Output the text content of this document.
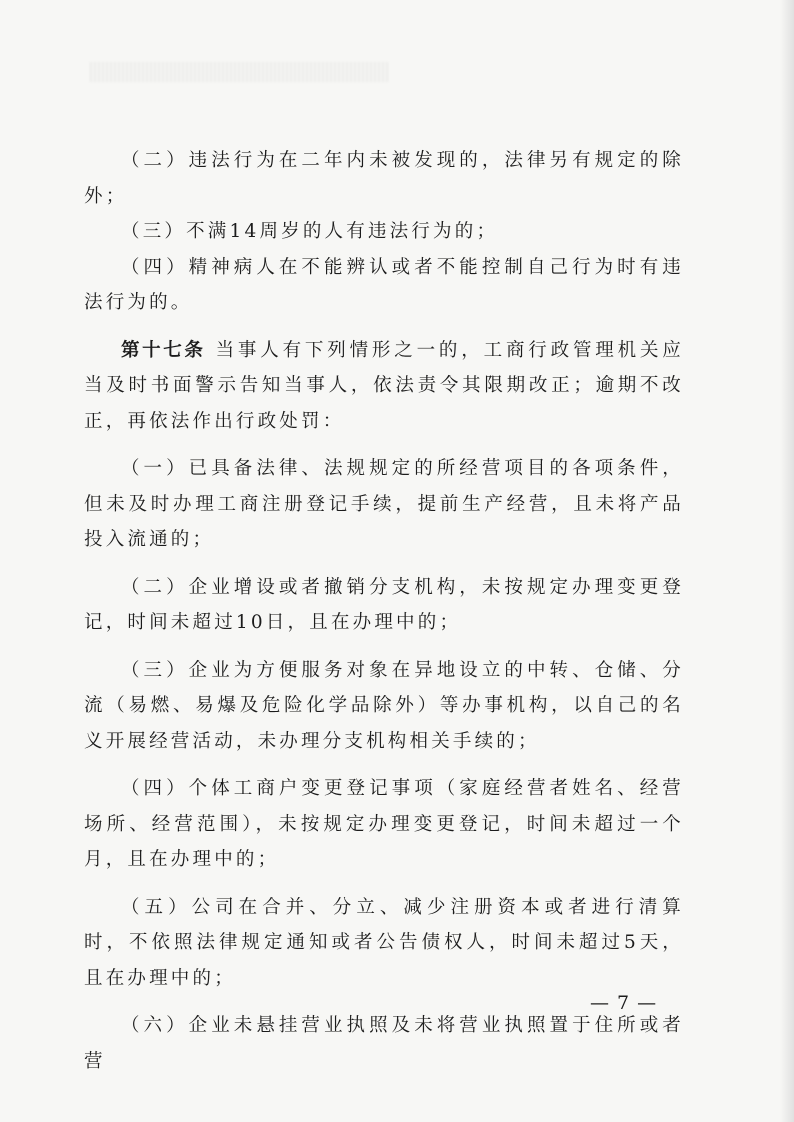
（二）违法行为在二年内未被发现的，法律另有规定的除外；

（三）不满14周岁的人有违法行为的；

（四）精神病人在不能辨认或者不能控制自己行为时有违法行为的。

第十七条 当事人有下列情形之一的，工商行政管理机关应当及时书面警示告知当事人，依法责令其限期改正；逾期不改正，再依法作出行政处罚：

（一）已具备法律、法规规定的所经营项目的各项条件，但未及时办理工商注册登记手续，提前生产经营，且未将产品投入流通的；

（二）企业增设或者撤销分支机构，未按规定办理变更登记，时间未超过10日，且在办理中的；

（三）企业为方便服务对象在异地设立的中转、仓储、分流（易燃、易爆及危险化学品除外）等办事机构，以自己的名义开展经营活动，未办理分支机构相关手续的；

（四）个体工商户变更登记事项（家庭经营者姓名、经营场所、经营范围），未按规定办理变更登记，时间未超过一个月，且在办理中的；

（五）公司在合并、分立、减少注册资本或者进行清算时，不依照法律规定通知或者公告债权人，时间未超过5天，且在办理中的；

（六）企业未悬挂营业执照及未将营业执照置于住所或者营

— 7 —
